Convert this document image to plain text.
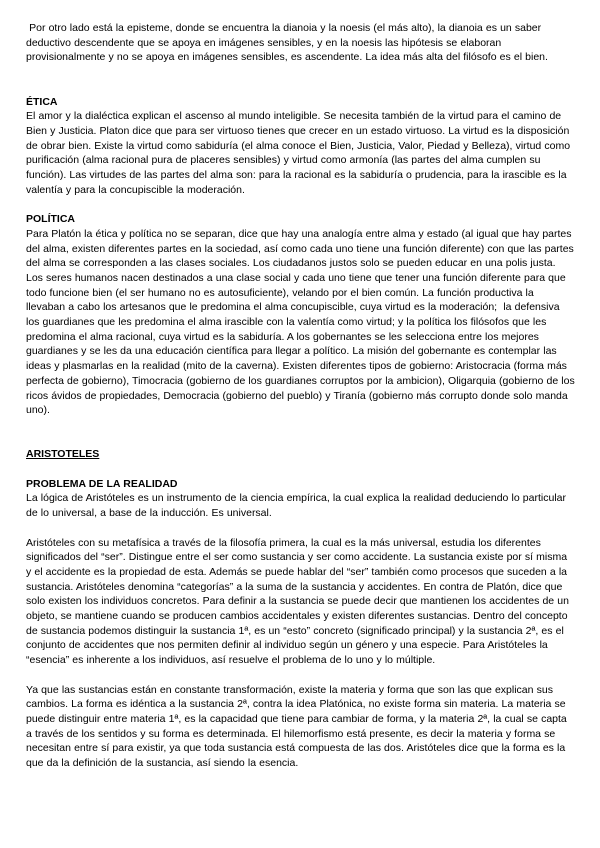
Por otro lado está la episteme, donde se encuentra la dianoia y la noesis (el más alto), la dianoia es un saber deductivo descendente que se apoya en imágenes sensibles, y en la noesis las hipótesis se elaboran provisionalmente y no se apoya en imágenes sensibles, es ascendente. La idea más alta del filósofo es el bien.

ÉTICA

El amor y la dialéctica explican el ascenso al mundo inteligible. Se necesita también de la virtud para el camino de Bien y Justicia. Platon dice que para ser virtuoso tienes que crecer en un estado virtuoso. La virtud es la disposición de obrar bien. Existe la virtud como sabiduría (el alma conoce el Bien, Justicia, Valor, Piedad y Belleza), virtud como purificación (alma racional pura de placeres sensibles) y virtud como armonía (las partes del alma cumplen su función). Las virtudes de las partes del alma son: para la racional es la sabiduría o prudencia, para la irascible es la valentía y para la concupiscible la moderación.

POLÍTICA

Para Platón la ética y política no se separan, dice que hay una analogía entre alma y estado (al igual que hay partes del alma, existen diferentes partes en la sociedad, así como cada uno tiene una función diferente) con que las partes del alma se corresponden a las clases sociales. Los ciudadanos justos solo se pueden educar en una polis justa. Los seres humanos nacen destinados a una clase social y cada uno tiene que tener una función diferente para que todo funcione bien (el ser humano no es autosuficiente), velando por el bien común. La función productiva la llevaban a cabo los artesanos que le predomina el alma concupiscible, cuya virtud es la moderación;  la defensiva los guardianes que les predomina el alma irascible con la valentía como virtud; y la política los filósofos que les predomina el alma racional, cuya virtud es la sabiduría. A los gobernantes se les selecciona entre los mejores guardianes y se les da una educación científica para llegar a político. La misión del gobernante es contemplar las ideas y plasmarlas en la realidad (mito de la caverna). Existen diferentes tipos de gobierno: Aristocracia (forma más perfecta de gobierno), Timocracia (gobierno de los guardianes corruptos por la ambicion), Oligarquia (gobierno de los ricos ávidos de propiedades, Democracia (gobierno del pueblo) y Tiranía (gobierno más corrupto donde solo manda uno).

ARISTOTELES
PROBLEMA DE LA REALIDAD

La lógica de Aristóteles es un instrumento de la ciencia empírica, la cual explica la realidad deduciendo lo particular de lo universal, a base de la inducción. Es universal.

Aristóteles con su metafísica a través de la filosofía primera, la cual es la más universal, estudia los diferentes significados del “ser”. Distingue entre el ser como sustancia y ser como accidente. La sustancia existe por sí misma y el accidente es la propiedad de esta. Además se puede hablar del “ser” también como procesos que suceden a la sustancia. Aristóteles denomina “categorías” a la suma de la sustancia y accidentes. En contra de Platón, dice que solo existen los individuos concretos. Para definir a la sustancia se puede decir que mantienen los accidentes de un objeto, se mantiene cuando se producen cambios accidentales y existen diferentes sustancias. Dentro del concepto de sustancia podemos distinguir la sustancia 1ª, es un “esto” concreto (significado principal) y la sustancia 2ª, es el conjunto de accidentes que nos permiten definir al individuo según un género y una especie. Para Aristóteles la “esencia” es inherente a los individuos, así resuelve el problema de lo uno y lo múltiple.

Ya que las sustancias están en constante transformación, existe la materia y forma que son las que explican sus cambios. La forma es idéntica a la sustancia 2ª, contra la idea Platónica, no existe forma sin materia. La materia se puede distinguir entre materia 1ª, es la capacidad que tiene para cambiar de forma, y la materia 2ª, la cual se capta a través de los sentidos y su forma es determinada. El hilemorfismo está presente, es decir la materia y forma se necesitan entre sí para existir, ya que toda sustancia está compuesta de las dos. Aristóteles dice que la forma es la que da la definición de la sustancia, así siendo la esencia.
